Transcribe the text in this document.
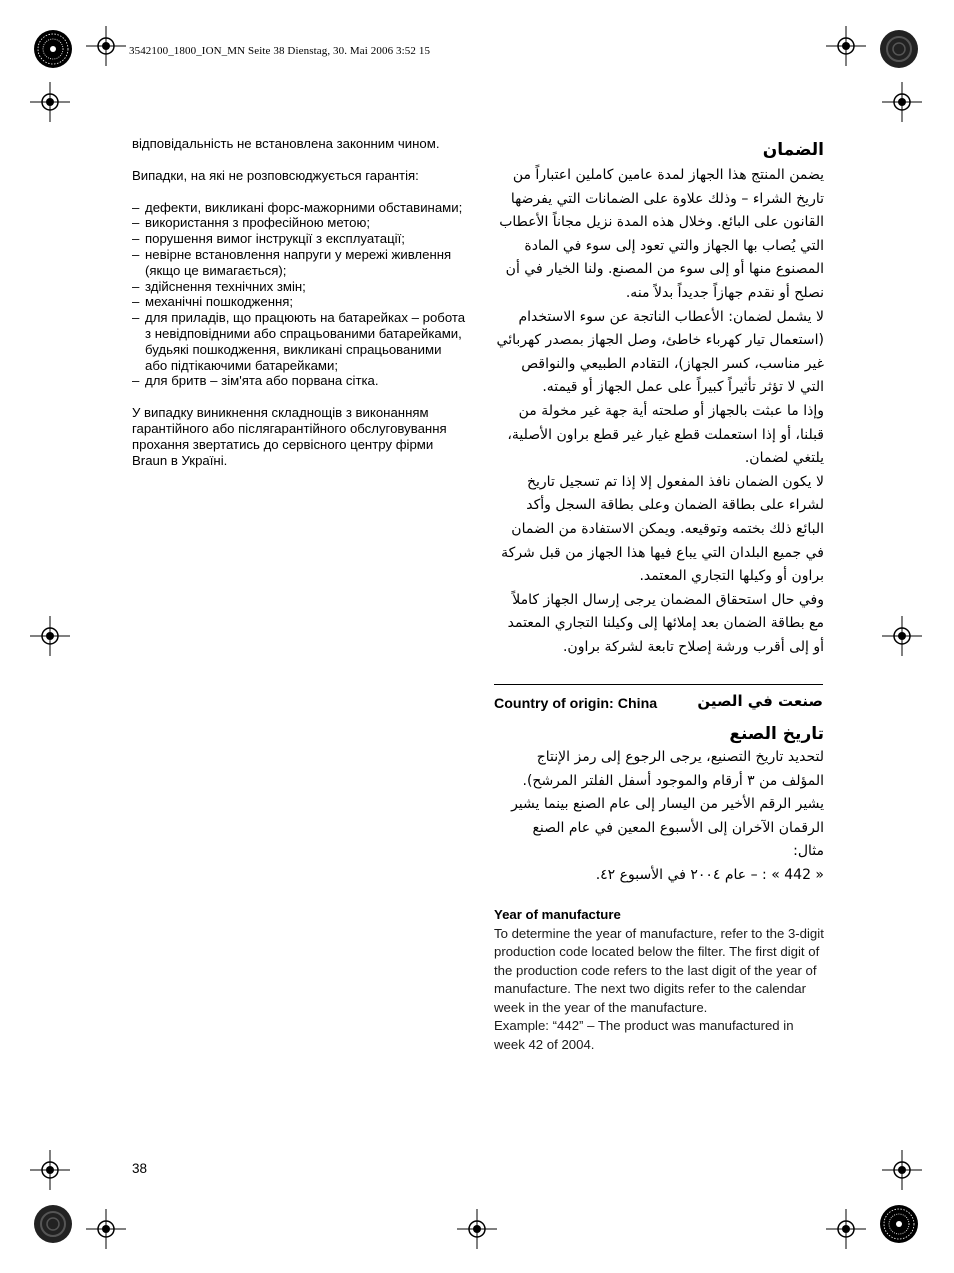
3542100_1800_ION_MN Seite 38 Dienstag, 30. Mai 2006 3:52 15

відповідальність не встановлена законним чином.

Випадки, на які не розповсюджується гарантія:

– дефекти, викликані форс-мажорними обставинами;
– використання з професійною метою;
– порушення вимог інструкції з експлуатації;
– невірне встановлення напруги у мережі живлення (якщо це вимагається);
– здійснення технічних змін;
– механічні пошкодження;
– для приладів, що працюють на батарейках – робота з невідповідними або спрацьованими батарейками, будьякі пошкодження, викликані спрацьованими або підтікаючими батарейками;
– для бритв – зім'ята або порвана сітка.

У випадку виникнення складнощів з виконанням гарантійного або післягарантійного обслуговування прохання звертатись до сервісного центру фірми Braun в Україні.

الضمان

يضمن المنتج هذا الجهاز لمدة عامين كاملين اعتباراً من تاريخ الشراء – وذلك علاوة على الضمانات التي يفرضها القانون على البائع. وخلال هذه المدة نزيل مجاناً الأعطاب التي يُصاب بها الجهاز والتي تعود إلى سوء في المادة المصنوع منها أو إلى سوء من المصنع. ولنا الخيار في أن نصلح أو نقدم جهازاً جديداً بدلاً منه.

لا يشمل لضمان: الأعطاب الناتجة عن سوء الاستخدام (استعمال تيار كهرباء خاطئ، وصل الجهاز بمصدر كهربائي غير مناسب، كسر الجهاز)، التقادم الطبيعي والنواقص التي لا تؤثر تأثيراً كبيراً على عمل الجهاز أو قيمته.

وإذا ما عبثت بالجهاز أو صلحته أية جهة غير مخولة من قبلنا، أو إذا استعملت قطع غيار غير قطع براون الأصلية، يلتغي لضمان.

لا يكون الضمان نافذ المفعول إلا إذا تم تسجيل تاريخ لشراء على بطاقة الضمان وعلى بطاقة السجل وأكد البائع ذلك بختمه وتوقيعه. ويمكن الاستفادة من الضمان في جميع البلدان التي يباع فيها هذا الجهاز من قبل شركة براون أو وكيلها التجاري المعتمد.

وفي حال استحقاق المضمان يرجى إرسال الجهاز كاملاً مع بطاقة الضمان بعد إملائها إلى وكيلنا التجاري المعتمد أو إلى أقرب ورشة إصلاح تابعة لشركة براون.

Country of origin: China	صنعت في الصين
تاريخ الصنع

لتحديد تاريخ التصنيع، يرجى الرجوع إلى رمز الإنتاج المؤلف من ٣ أرقام والموجود أسفل الفلتر المرشح). يشير الرقم الأخير من اليسار إلى عام الصنع بينما يشير الرقمان الآخران إلى الأسبوع المعين في عام الصنع

مثال:

« 442 » : – عام ٢٠٠٤ في الأسبوع ٤٢.

Year of manufacture

To determine the year of manufacture, refer to the 3-digit production code located below the filter. The first digit of the production code refers to the last digit of the year of manufacture. The next two digits refer to the calendar week in the year of the manufacture.

Example: “442” – The product was manufactured in week 42 of 2004.

38
